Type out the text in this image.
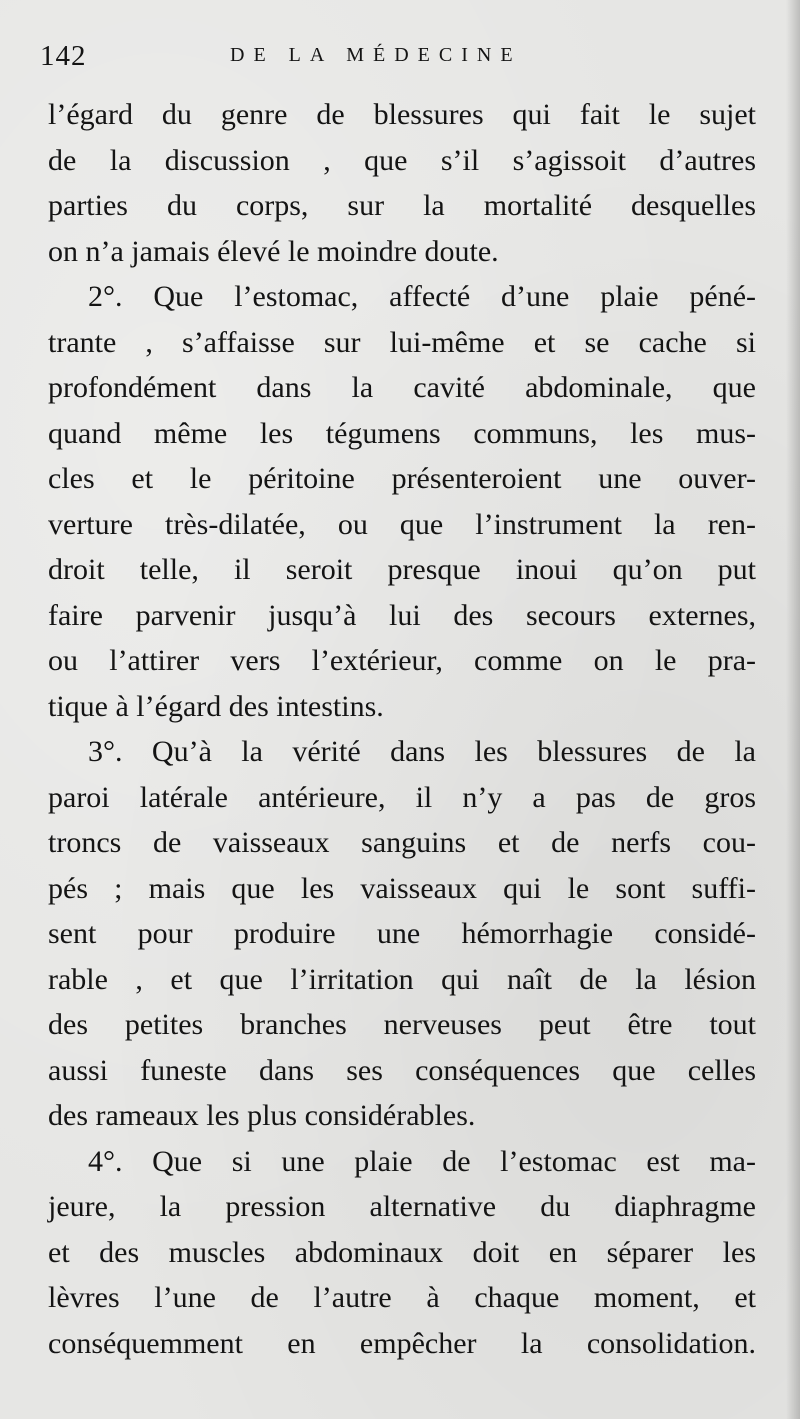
142	DE LA MÉDECINE
l’égard du genre de blessures qui fait le sujet
de la discussion , que s’il s’agissoit d’autres
parties du corps, sur la mortalité desquelles
on n’a jamais élevé le moindre doute.
2°. Que l’estomac, affecté d’une plaie péné-
trante , s’affaisse sur lui-même et se cache si
profondément dans la cavité abdominale, que
quand même les tégumens communs, les mus-
cles et le péritoine présenteroient une ouver-
verture très-dilatée, ou que l’instrument la ren-
droit telle, il seroit presque inoui qu’on put
faire parvenir jusqu’à lui des secours externes,
ou l’attirer vers l’extérieur, comme on le pra-
tique à l’égard des intestins.
3°. Qu’à la vérité dans les blessures de la
paroi latérale antérieure, il n’y a pas de gros
troncs de vaisseaux sanguins et de nerfs cou-
pés ; mais que les vaisseaux qui le sont suffi-
sent pour produire une hémorrhagie considé-
rable , et que l’irritation qui naît de la lésion
des petites branches nerveuses peut être tout
aussi funeste dans ses conséquences que celles
des rameaux les plus considérables.
4°. Que si une plaie de l’estomac est ma-
jeure, la pression alternative du diaphragme
et des muscles abdominaux doit en séparer les
lèvres l’une de l’autre à chaque moment, et
conséquemment en empêcher la consolidation.
